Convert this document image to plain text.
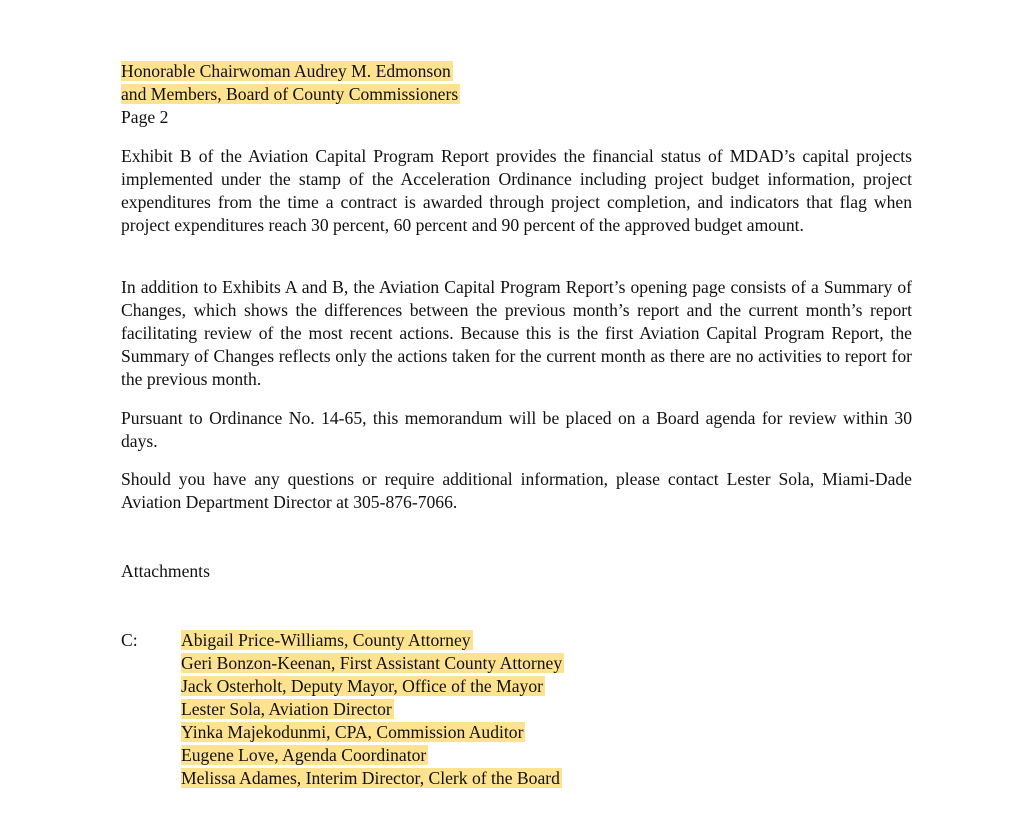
Honorable Chairwoman Audrey M. Edmonson
and Members, Board of County Commissioners
Page 2

Exhibit B of the Aviation Capital Program Report provides the financial status of MDAD’s capital projects implemented under the stamp of the Acceleration Ordinance including project budget information, project expenditures from the time a contract is awarded through project completion, and indicators that flag when project expenditures reach 30 percent, 60 percent and 90 percent of the approved budget amount.

In addition to Exhibits A and B, the Aviation Capital Program Report’s opening page consists of a Summary of Changes, which shows the differences between the previous month’s report and the current month’s report facilitating review of the most recent actions. Because this is the first Aviation Capital Program Report, the Summary of Changes reflects only the actions taken for the current month as there are no activities to report for the previous month.

Pursuant to Ordinance No. 14-65, this memorandum will be placed on a Board agenda for review within 30 days.

Should you have any questions or require additional information, please contact Lester Sola, Miami-Dade Aviation Department Director at 305-876-7066.

Attachments
C: Abigail Price-Williams, County Attorney
Geri Bonzon-Keenan, First Assistant County Attorney
Jack Osterholt, Deputy Mayor, Office of the Mayor
Lester Sola, Aviation Director
Yinka Majekodunmi, CPA, Commission Auditor
Eugene Love, Agenda Coordinator
Melissa Adames, Interim Director, Clerk of the Board
